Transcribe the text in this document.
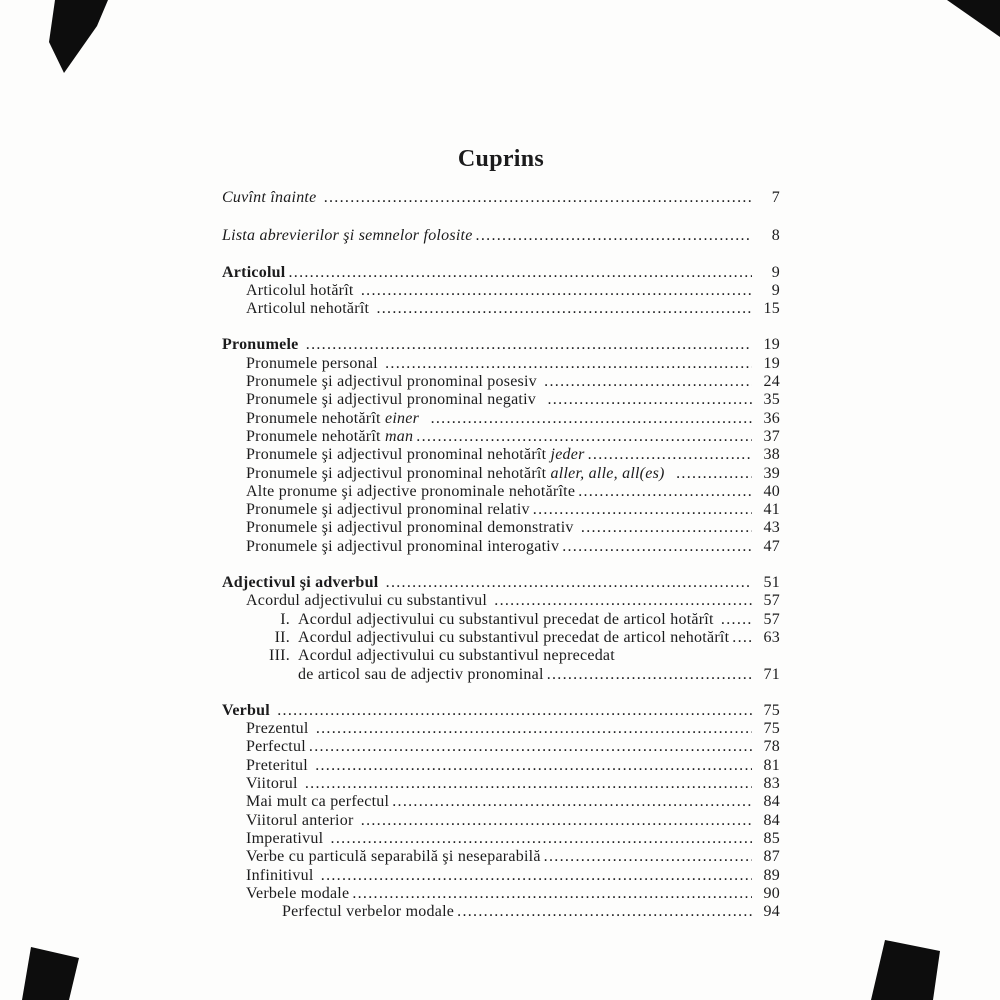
Cuprins
Cuvînt înainte .....	7
Lista abrevierilor şi semnelor folosite .....	8
Articolul .....	9
Articolul hotărît .....	9
Articolul nehotărît .....	15
Pronumele .....	19
Pronumele personal .....	19
Pronumele şi adjectivul pronominal posesiv .....	24
Pronumele şi adjectivul pronominal negativ .....	35
Pronumele nehotărît einer .....	36
Pronumele nehotărît man .....	37
Pronumele şi adjectivul pronominal nehotărît jeder .....	38
Pronumele şi adjectivul pronominal nehotărît aller, alle, all(es) .....	39
Alte pronume şi adjective pronominale nehotărîte .....	40
Pronumele şi adjectivul pronominal relativ .....	41
Pronumele şi adjectivul pronominal demonstrativ .....	43
Pronumele şi adjectivul pronominal interogativ .....	47
Adjectivul şi adverbul .....	51
Acordul adjectivului cu substantivul .....	57
I. Acordul adjectivului cu substantivul precedat de articol hotărît .....	57
II. Acordul adjectivului cu substantivul precedat de articol nehotărît .....	63
III. Acordul adjectivului cu substantivul neprecedat
de articol sau de adjectiv pronominal .....	71
Verbul .....	75
Prezentul .....	75
Perfectul .....	78
Preteritul .....	81
Viitorul .....	83
Mai mult ca perfectul .....	84
Viitorul anterior .....	84
Imperativul .....	85
Verbe cu particulă separabilă şi neseparabilă .....	87
Infinitivul .....	89
Verbele modale .....	90
Perfectul verbelor modale .....	94
